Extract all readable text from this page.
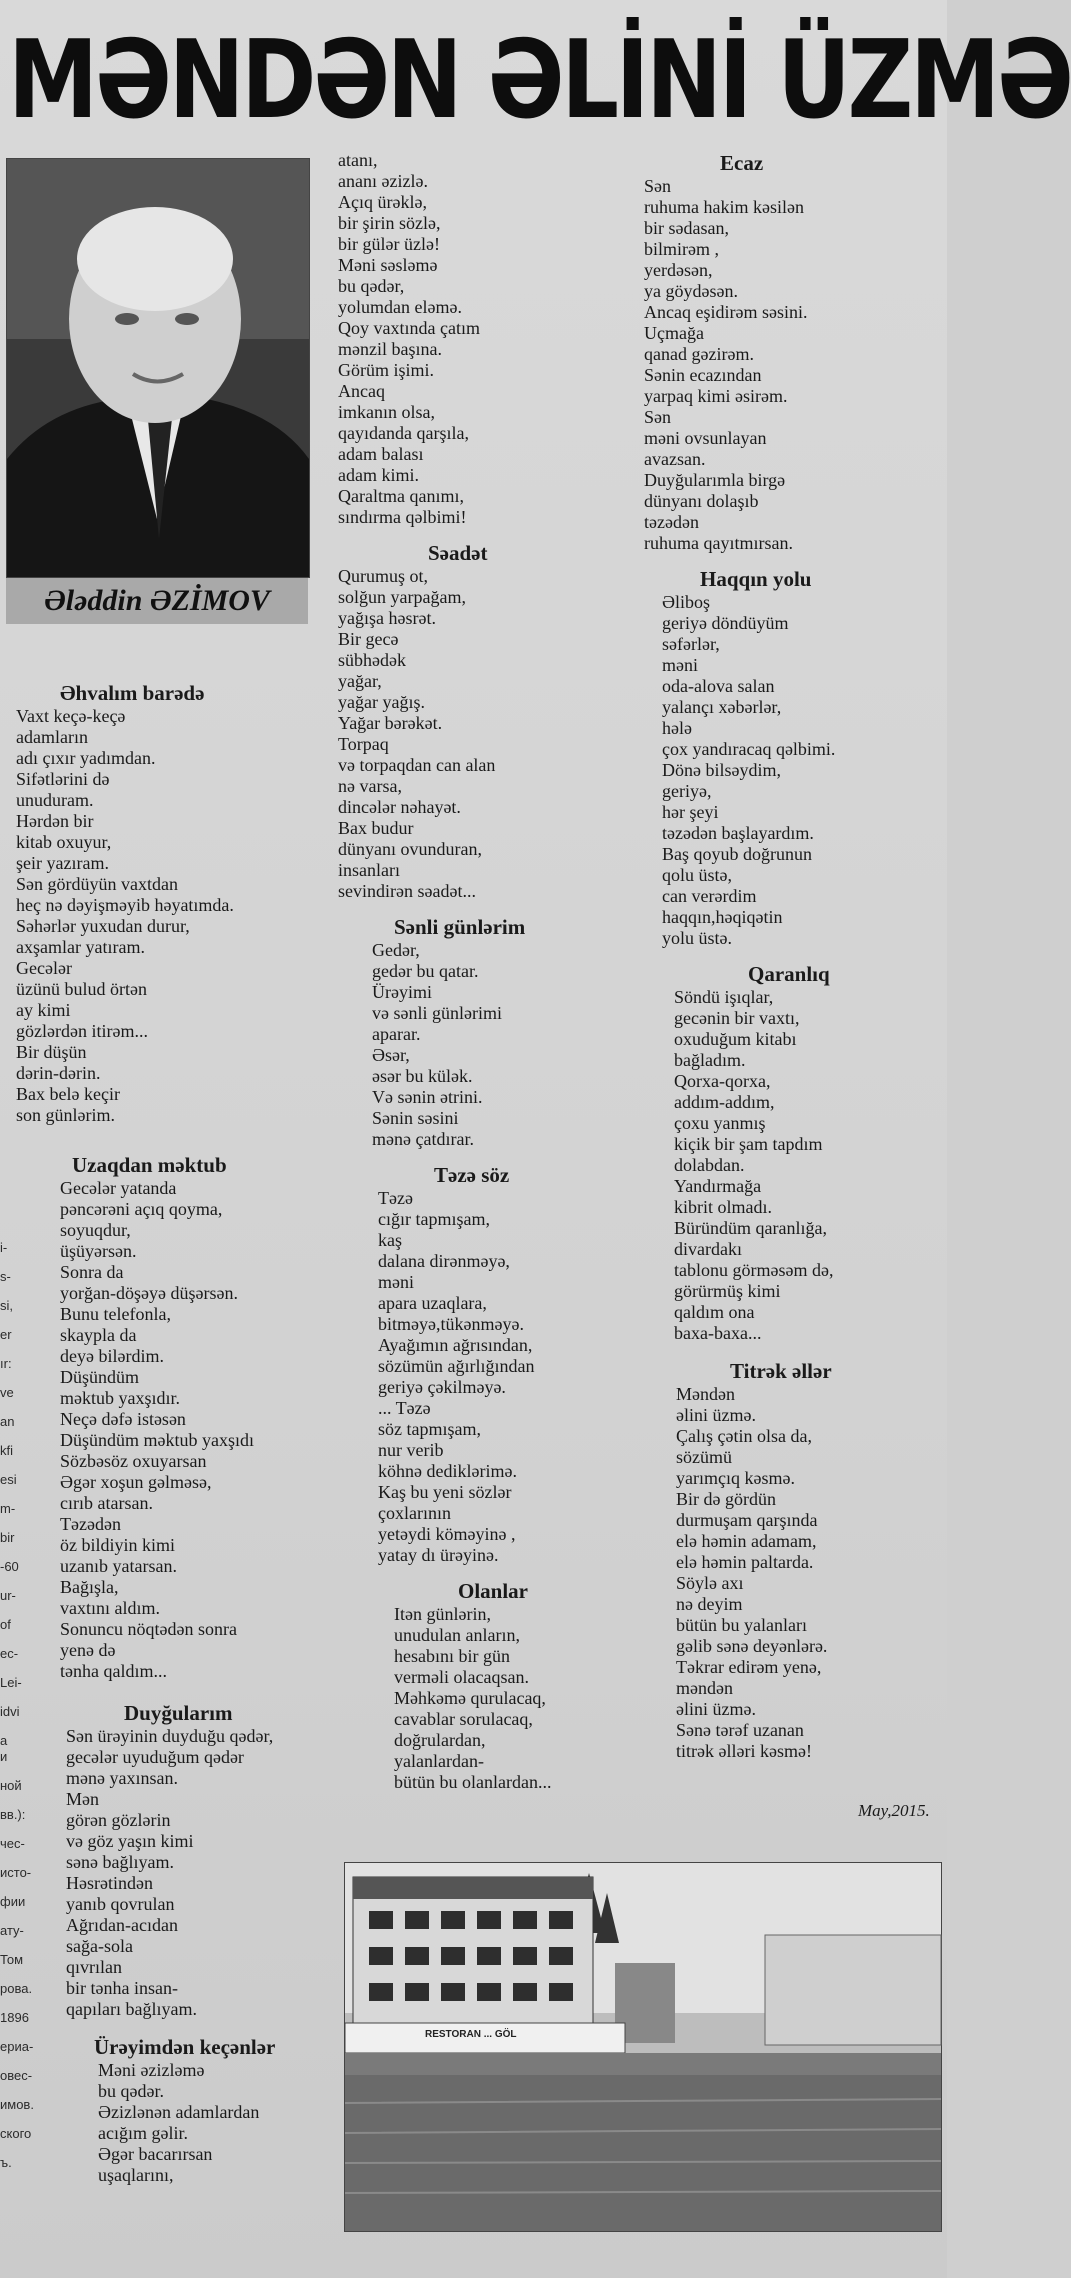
MƏNDƏN ƏLİNİ ÜZMƏ
Ələddin ƏZİMOV
Əhvalım barədə
Vaxt keçə-keçə
adamların
adı çıxır yadımdan.
Sifətlərini də
unuduram.
Hərdən bir
kitab oxuyur,
şeir yazıram.
Sən gördüyün vaxtdan
heç nə dəyişməyib həyatımda.
Səhərlər yuxudan durur,
axşamlar yatıram.
Gecələr
üzünü bulud örtən
ay kimi
gözlərdən itirəm...
Bir düşün
dərin-dərin.
Bax belə keçir
son günlərim.
Uzaqdan məktub
Gecələr yatanda
pəncərəni açıq qoyma,
soyuqdur,
üşüyərsən.
Sonra da
yorğan-döşəyə düşərsən.
Bunu telefonla,
skaypla da
deyə bilərdim.
Düşündüm
məktub yaxşıdır.
Neçə dəfə istəsən
Düşündüm məktub yaxşıdı
Sözbəsöz oxuyarsan
Əgər xoşun gəlməsə,
cırıb atarsan.
Təzədən
öz bildiyin kimi
uzanıb yatarsan.
Bağışla,
vaxtını aldım.
Sonuncu nöqtədən sonra
yenə də
tənha qaldım...
Duyğularım
Sən ürəyinin duyduğu qədər,
gecələr uyuduğum qədər
mənə yaxınsan.
Mən
görən gözlərin
və göz yaşın kimi
sənə bağlıyam.
Həsrətindən
yanıb qovrulan
Ağrıdan-acıdan
sağa-sola
qıvrılan
bir tənha insan-
qapıları bağlıyam.
Ürəyimdən keçənlər
Məni əzizləmə
bu qədər.
Əzizlənən adamlardan
acığım gəlir.
Əgər bacarırsan
uşaqlarını,
atanı,
ananı əzizlə.
Açıq ürəklə,
bir şirin sözlə,
bir gülər üzlə!
Məni səsləmə
bu qədər,
yolumdan eləmə.
Qoy vaxtında çatım
mənzil başına.
Görüm işimi.
Ancaq
imkanın olsa,
qayıdanda qarşıla,
adam balası
adam kimi.
Qaraltma qanımı,
sındırma qəlbimi!
Səadət
Qurumuş ot,
solğun yarpağam,
yağışa həsrət.
Bir gecə
sübhədək
yağar,
yağar yağış.
Yağar bərəkət.
Torpaq
və torpaqdan can alan
nə varsa,
dincələr nəhayət.
Bax budur
dünyanı ovunduran,
insanları
sevindirən səadət...
Sənli günlərim
Gedər,
gedər bu qatar.
Ürəyimi
və sənli günlərimi
aparar.
Əsər,
əsər bu külək.
Və sənin ətrini.
Sənin səsini
mənə çatdırar.
Təzə söz
Təzə
cığır tapmışam,
kaş
dalana dirənməyə,
məni
apara uzaqlara,
bitməyə,tükənməyə.
Ayağımın ağrısından,
sözümün ağırlığından
geriyə çəkilməyə.
... Təzə
söz tapmışam,
nur verib
köhnə dediklərimə.
Kaş bu yeni sözlər
çoxlarının
yetəydi köməyinə ,
yatay dı ürəyinə.
Olanlar
Itən günlərin,
unudulan anların,
hesabını bir gün
verməli olacaqsan.
Məhkəmə qurulacaq,
cavablar sorulacaq,
doğrulardan,
yalanlardan-
bütün bu olanlardan...
Ecaz
Sən
ruhuma hakim kəsilən
bir sədasan,
bilmirəm ,
yerdəsən,
ya göydəsən.
Ancaq eşidirəm səsini.
Uçmağa
qanad gəzirəm.
Sənin ecazından
yarpaq kimi əsirəm.
Sən
məni ovsunlayan
avazsan.
Duyğularımla birgə
dünyanı dolaşıb
təzədən
ruhuma qayıtmırsan.
Haqqın yolu
Əliboş
geriyə döndüyüm
səfərlər,
məni
oda-alova salan
yalançı xəbərlər,
hələ
çox yandıracaq qəlbimi.
Dönə bilsəydim,
geriyə,
hər şeyi
təzədən başlayardım.
Baş qoyub doğrunun
qolu üstə,
can verərdim
haqqın,həqiqətin
yolu üstə.
Qaranlıq
Söndü işıqlar,
gecənin bir vaxtı,
oxuduğum kitabı
bağladım.
Qorxa-qorxa,
addım-addım,
çoxu yanmış
kiçik bir şam tapdım
dolabdan.
Yandırmağa
kibrit olmadı.
Büründüm qaranlığa,
divardakı
tablonu görməsəm də,
görürmüş kimi
qaldım ona
baxa-baxa...
Titrək əllər
Məndən
əlini üzmə.
Çalış çətin olsa da,
sözümü
yarımçıq kəsmə.
Bir də gördün
durmuşam qarşında
elə həmin adamam,
elə həmin paltarda.
Söylə axı
nə deyim
bütün bu yalanları
gəlib sənə deyənlərə.
Təkrar edirəm yenə,
məndən
əlini üzmə.
Sənə tərəf uzanan
titrək əlləri kəsmə!
May,2015.
RESTORAN ... GÖL
i-
s-
si,
er
ır:
ve
an
kfi
esi
m-
bir
-60
ur-
of
ec-
Lei-
idvi
а и
ной
вв.):
чес-
исто-
фии
ату-
Том
рова.
1896
ериа-
овес-
имов.
ского
ъ.
